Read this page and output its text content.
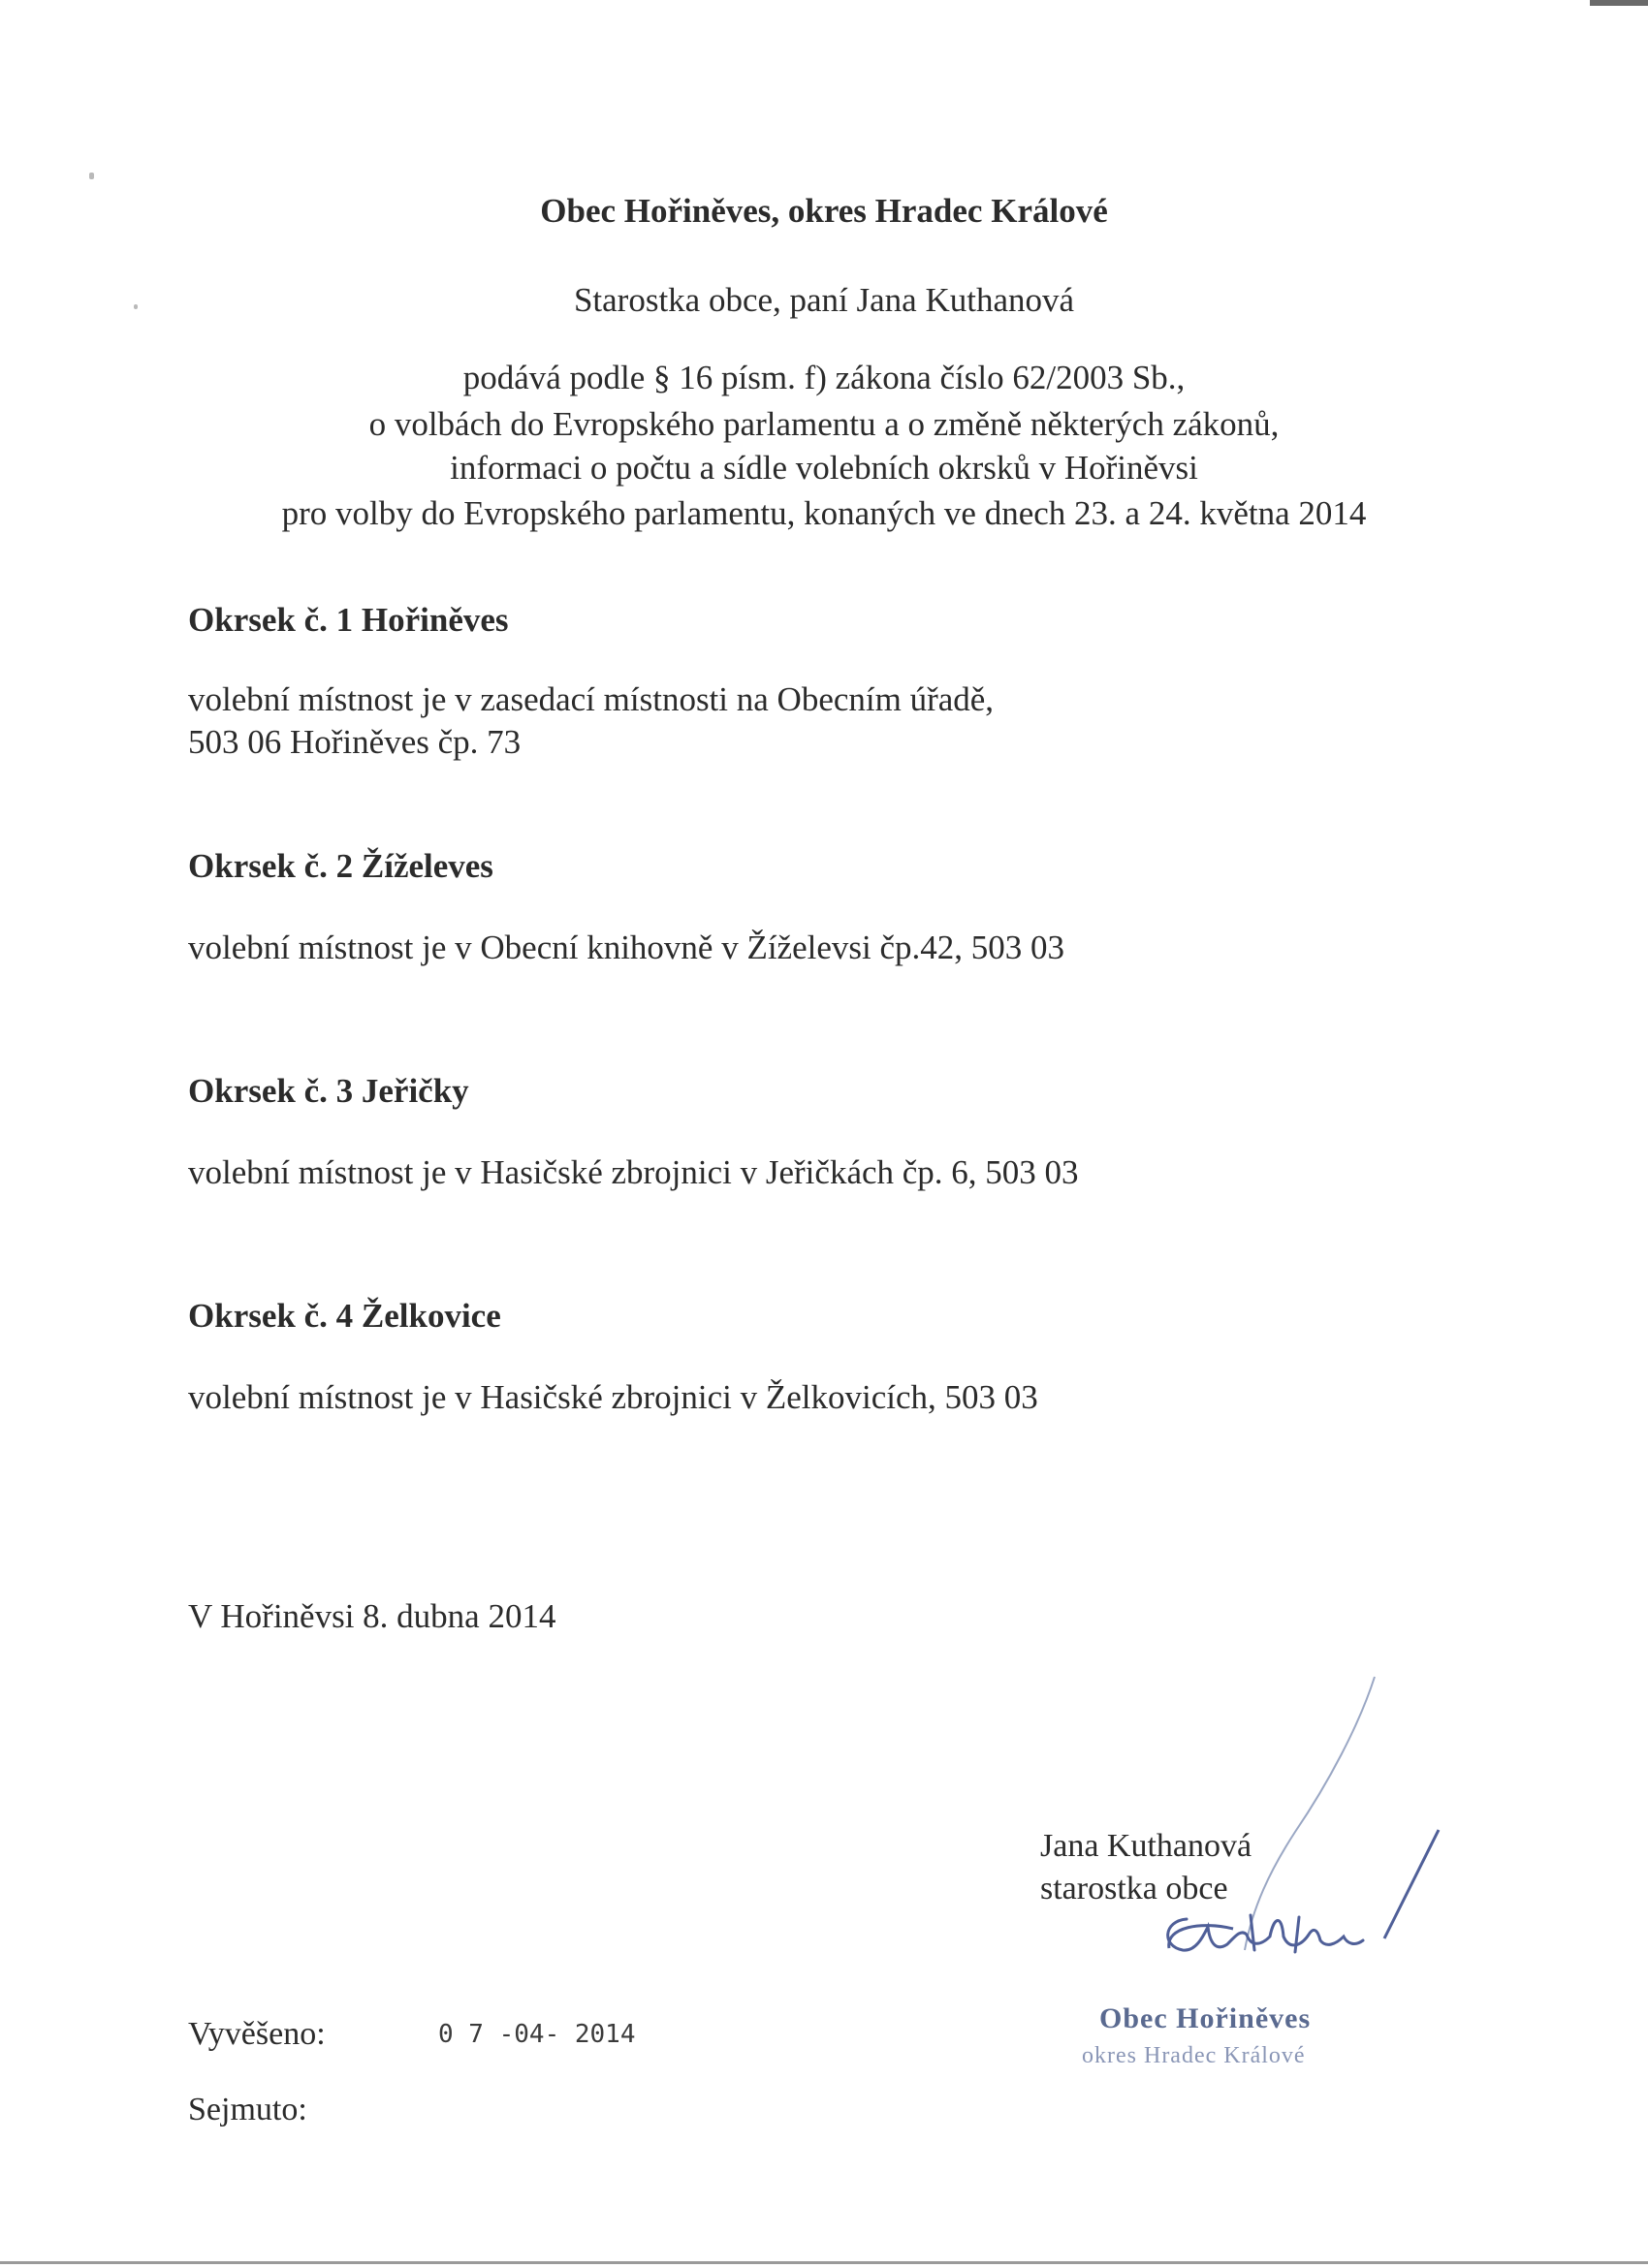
Obec Hořiněves, okres Hradec Králové
Starostka obce, paní Jana Kuthanová
podává podle § 16 písm. f) zákona číslo 62/2003 Sb.,
o volbách do Evropského parlamentu a o změně některých zákonů,
informaci o počtu a sídle volebních okrsků v Hořiněvsi
pro volby do Evropského parlamentu, konaných ve dnech 23. a 24. května 2014
Okrsek č. 1 Hořiněves
volební místnost je v zasedací místnosti na Obecním úřadě,
503 06 Hořiněves čp. 73
Okrsek č. 2 Žíželeves
volební místnost je v Obecní knihovně v Žíželevsi čp.42, 503 03
Okrsek č. 3 Jeřičky
volební místnost je v Hasičské zbrojnici v Jeřičkách čp. 6, 503 03
Okrsek č. 4 Želkovice
volební místnost je v Hasičské zbrojnici v Želkovicích, 503 03
V Hořiněvsi 8. dubna 2014
Jana Kuthanová
starostka obce
Obec Hořiněves
okres Hradec Králové
Vyvěšeno:	0 7 -04- 2014
Sejmuto:
